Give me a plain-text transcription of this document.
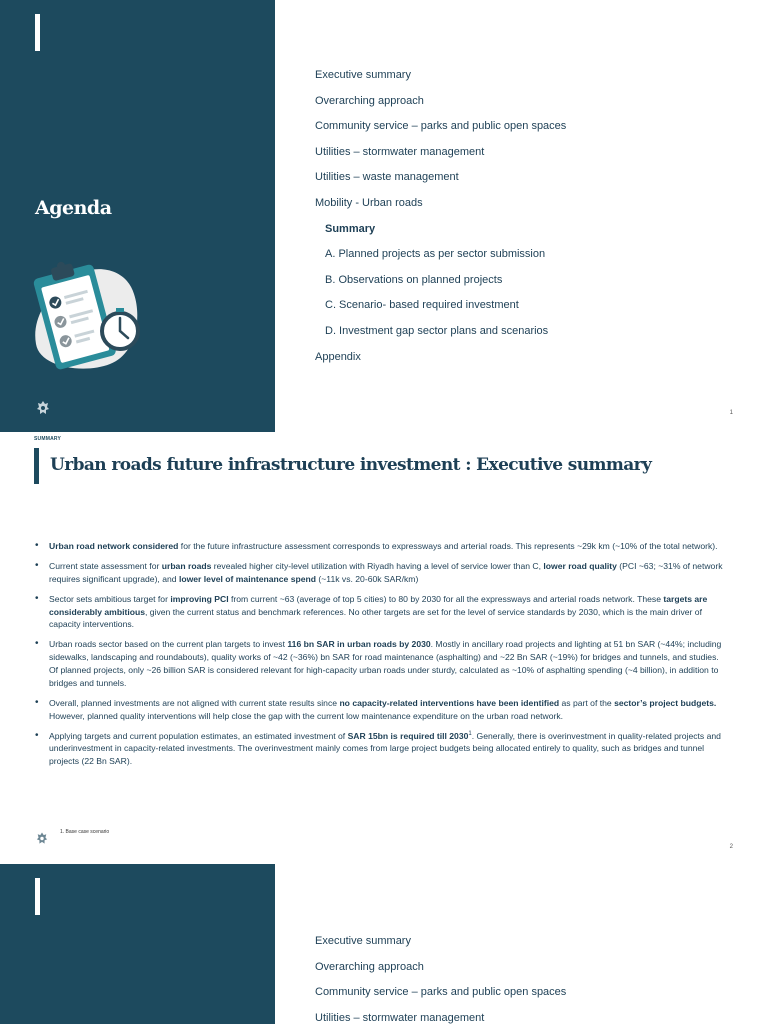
Agenda
Executive summary
Overarching approach
Community service – parks and public open spaces
Utilities – stormwater management
Utilities – waste management
Mobility - Urban roads
Summary
A. Planned projects as per sector submission
B. Observations on planned projects
C. Scenario- based required investment
D. Investment gap sector plans and scenarios
Appendix
1
SUMMARY
Urban roads future infrastructure investment : Executive summary
• Urban road network considered for the future infrastructure assessment corresponds to expressways and arterial roads. This represents ~29k km (~10% of the total network).
• Current state assessment for urban roads revealed higher city-level utilization with Riyadh having a level of service lower than C, lower road quality (PCI ~63; ~31% of network requires significant upgrade), and lower level of maintenance spend (~11k vs. 20-60k SAR/km)
• Sector sets ambitious target for improving PCI from current ~63 (average of top 5 cities) to 80 by 2030 for all the expressways and arterial roads network. These targets are considerably ambitious, given the current status and benchmark references. No other targets are set for the level of service standards by 2030, which is the main driver of capacity interventions.
• Urban roads sector based on the current plan targets to invest 116 bn SAR in urban roads by 2030. Mostly in ancillary road projects and lighting at 51 bn SAR (~44%; including sidewalks, landscaping and roundabouts), quality works of ~42 (~36%) bn SAR for road maintenance (asphalting) and ~22 Bn SAR (~19%) for bridges and tunnels, and studies. Of planned projects, only ~26 billion SAR is considered relevant for high-capacity urban roads under sturdy, calculated as ~10% of asphalting spending (~4 billion), in addition to bridges and tunnels.
• Overall, planned investments are not aligned with current state results since no capacity-related interventions have been identified as part of the sector’s project budgets. However, planned quality interventions will help close the gap with the current low maintenance expenditure on the urban road network.
• Applying targets and current population estimates, an estimated investment of SAR 15bn is required till 2030$^1$. Generally, there is overinvestment in quality-related projects and underinvestment in capacity-related investments. The overinvestment mainly comes from large project budgets being allocated entirely to quality, such as bridges and tunnel projects (22 Bn SAR).
1. Base case scenario
2
Executive summary
Overarching approach
Community service – parks and public open spaces
Utilities – stormwater management
